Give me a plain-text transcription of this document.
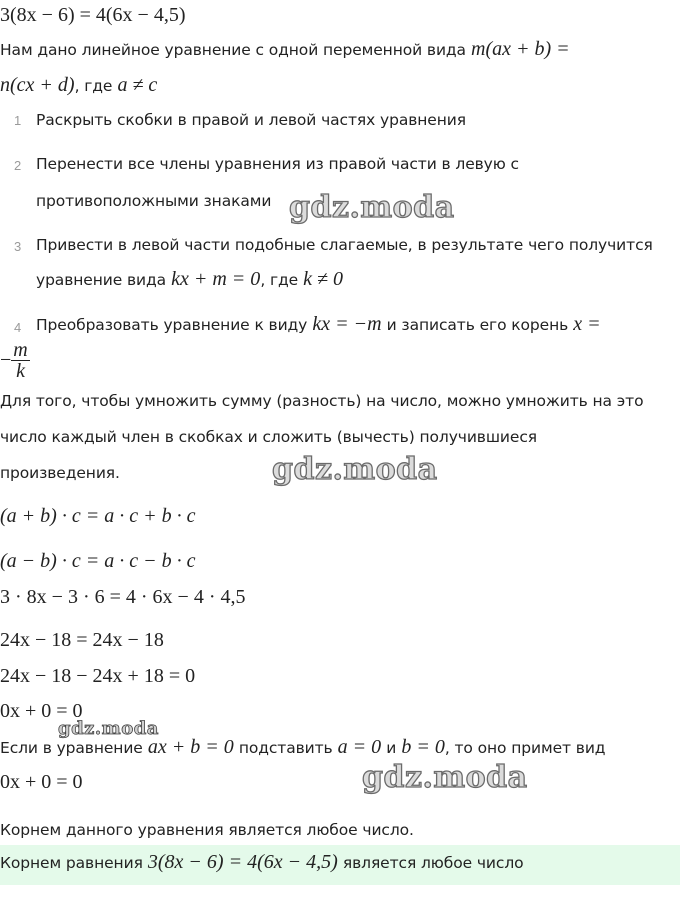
3(8x − 6) = 4(6x − 4,5)
Нам дано линейное уравнение с одной переменной вида m(ax + b) =
n(cx + d), где a ≠ c
1 Раскрыть скобки в правой и левой частях уравнения
2 Перенести все члены уравнения из правой части в левую с
противоположными знаками
3 Привести в левой части подобные слагаемые, в результате чего получится
уравнение вида kx + m = 0, где k ≠ 0
4 Преобразовать уравнение к виду kx = −m и записать его корень x =
− $\frac{m}{k}$
Для того, чтобы умножить сумму (разность) на число, можно умножить на это
число каждый член в скобках и сложить (вычесть) получившиеся
произведения.
(a + b) · c = a · c + b · c
(a − b) · c = a · c − b · c
3 · 8x − 3 · 6 = 4 · 6x − 4 · 4,5
24x − 18 = 24x − 18
24x − 18 − 24x + 18 = 0
0x + 0 = 0
Если в уравнение ax + b = 0 подставить a = 0 и b = 0, то оно примет вид
0x + 0 = 0
Корнем данного уравнения является любое число.
Корнем равнения 3(8x − 6) = 4(6x − 4,5) является любое число
gdz.moda
gdz.moda
gdz.moda
gdz.moda
